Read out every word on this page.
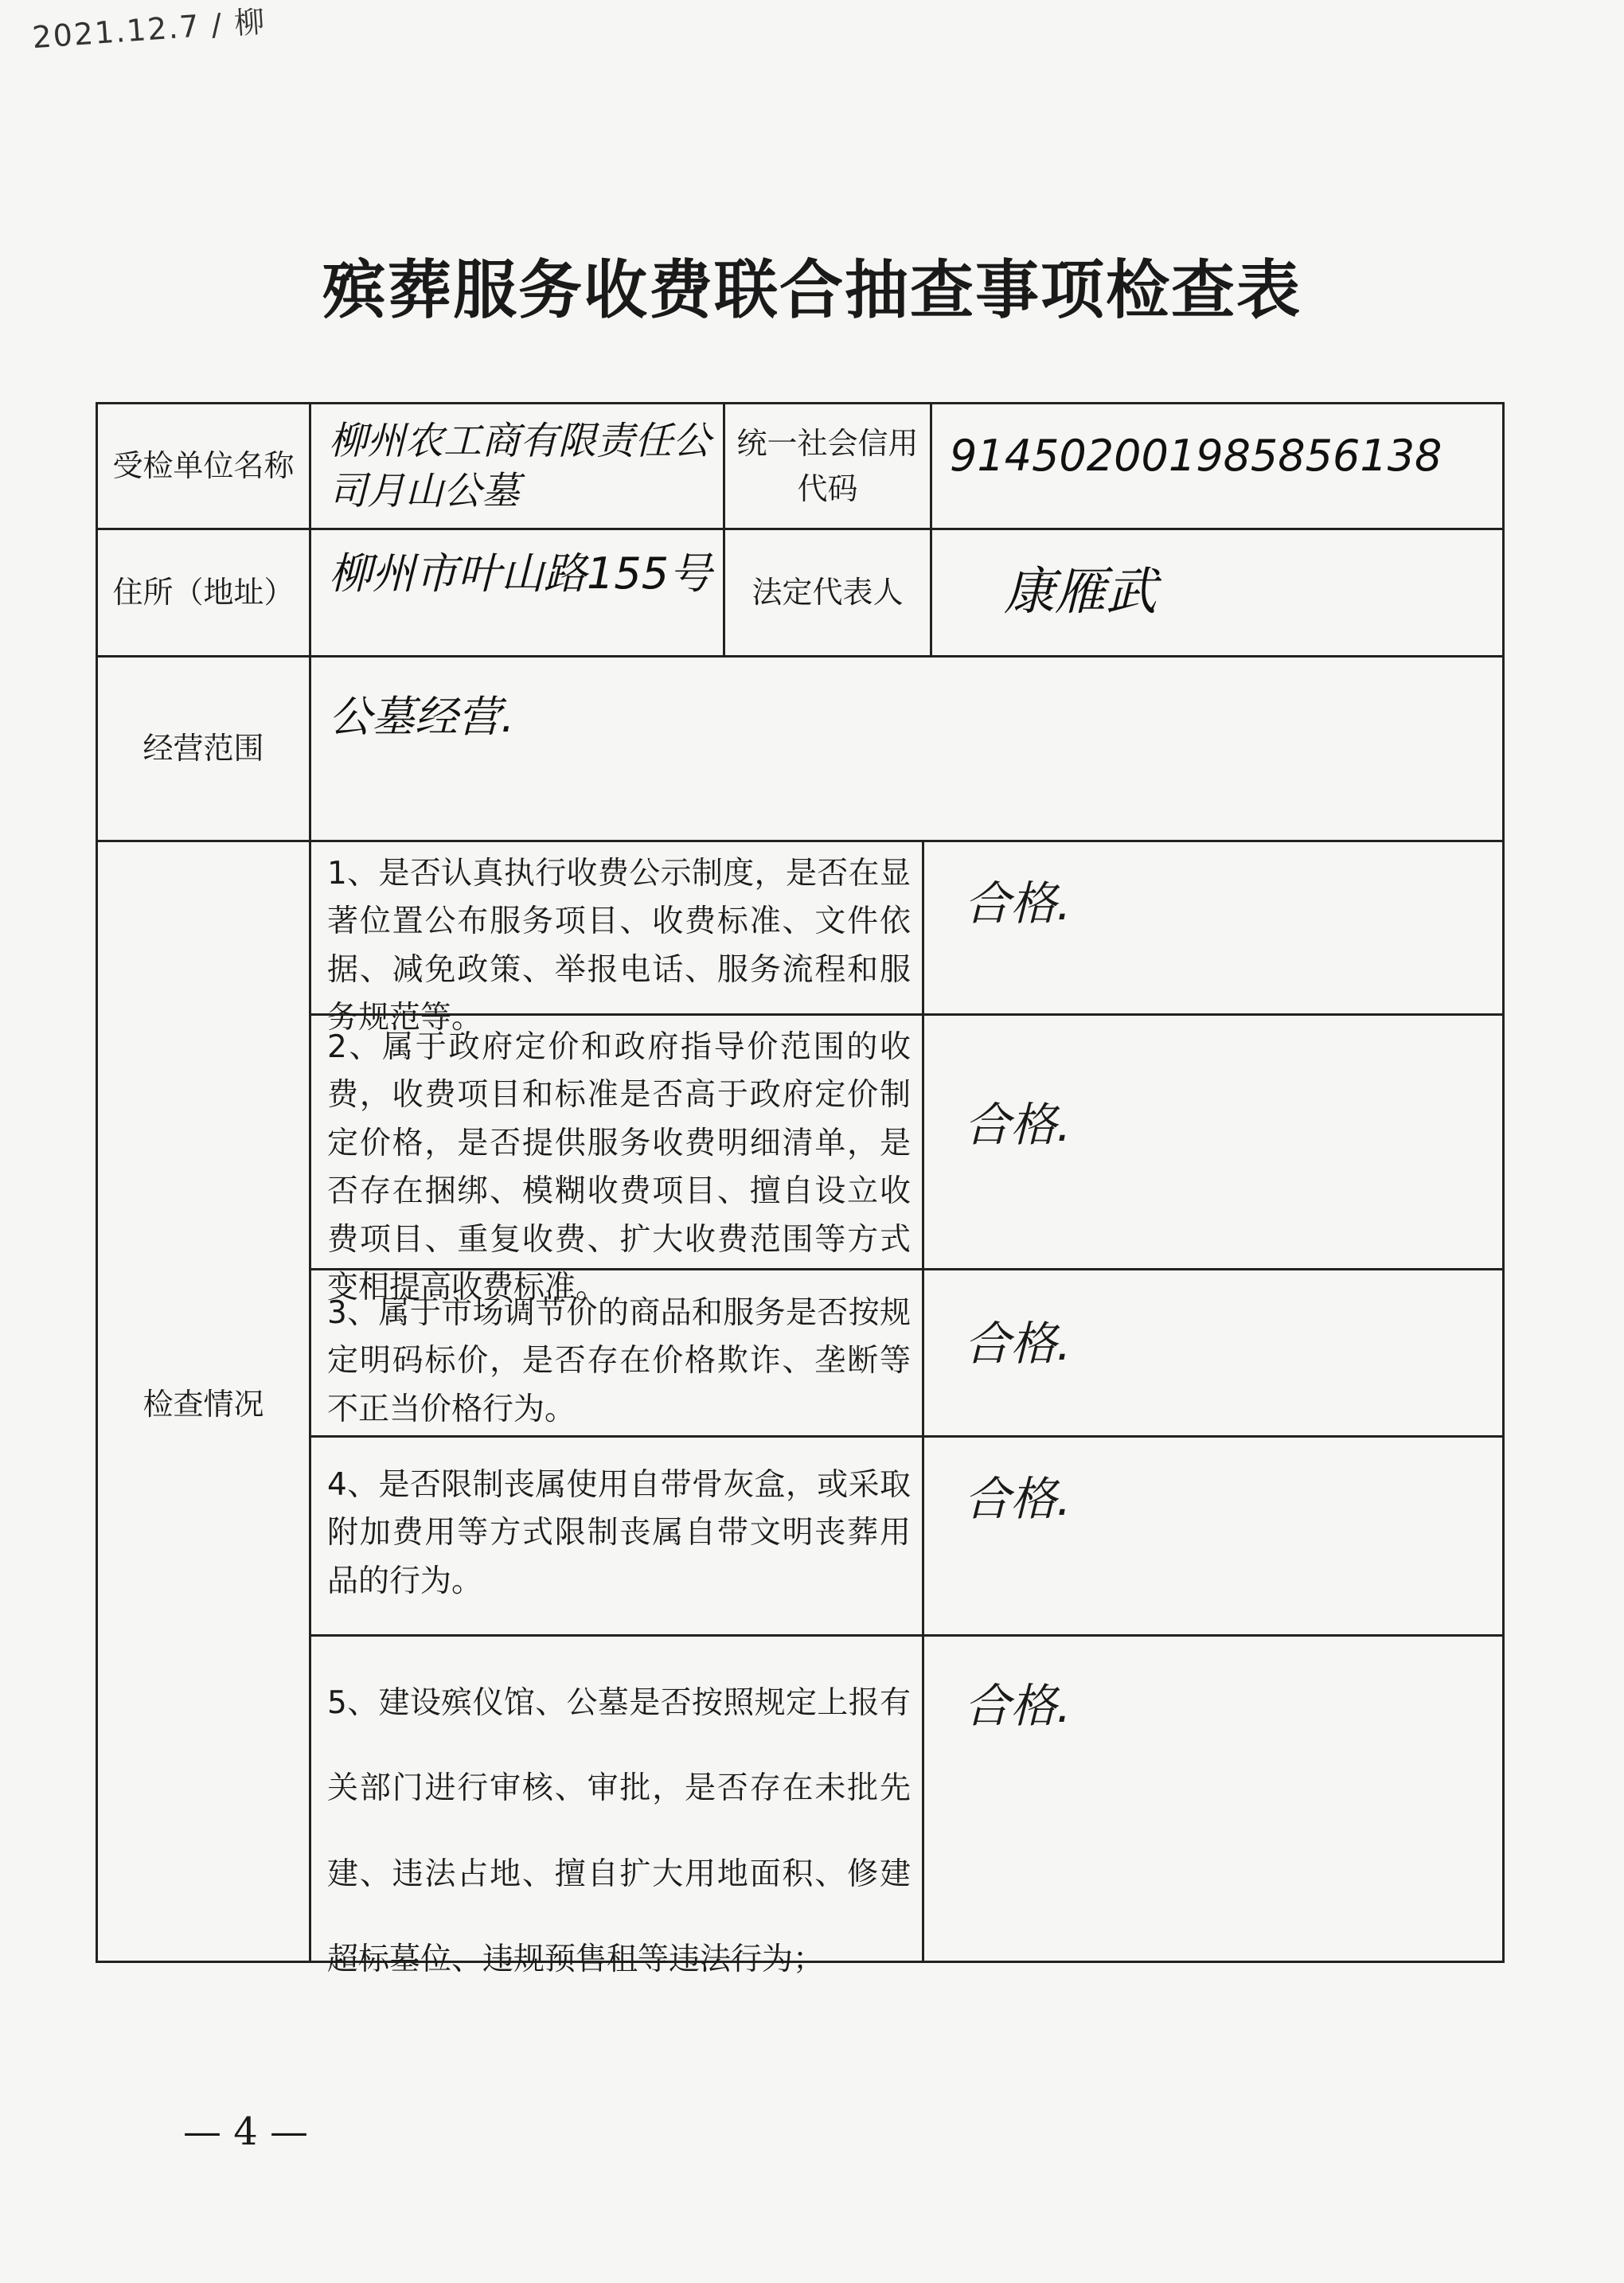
2021.12.7 / 柳
殡葬服务收费联合抽查事项检查表
受检单位名称
柳州农工商有限责任公司月山公墓
统一社会信用代码
914502001985856138
住所（地址） 柳州市叶山路155号	法定代表人	康雁武
经营范围
公墓经营.
检查情况
1、是否认真执行收费公示制度，是否在显著位置公布服务项目、收费标准、文件依据、减免政策、举报电话、服务流程和服务规范等。
合格.
2、属于政府定价和政府指导价范围的收费，收费项目和标准是否高于政府定价制定价格，是否提供服务收费明细清单，是否存在捆绑、模糊收费项目、擅自设立收费项目、重复收费、扩大收费范围等方式变相提高收费标准。
合格.
3、属于市场调节价的商品和服务是否按规定明码标价，是否存在价格欺诈、垄断等不正当价格行为。
合格.
4、是否限制丧属使用自带骨灰盒，或采取附加费用等方式限制丧属自带文明丧葬用品的行为。
合格.
5、建设殡仪馆、公墓是否按照规定上报有关部门进行审核、审批，是否存在未批先建、违法占地、擅自扩大用地面积、修建超标墓位、违规预售租等违法行为；
合格.
— 4 —
